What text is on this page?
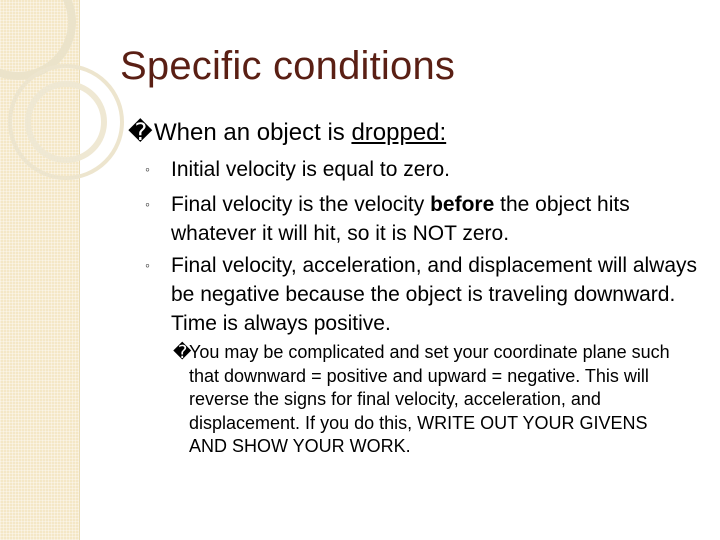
Specific conditions
�When an object is dropped:
◦ Initial velocity is equal to zero.
◦ Final velocity is the velocity before the object hits whatever it will hit, so it is NOT zero.
◦ Final velocity, acceleration, and displacement will always be negative because the object is traveling downward. Time is always positive.
�
You may be complicated and set your coordinate plane such that downward = positive and upward = negative. This will reverse the signs for final velocity, acceleration, and displacement. If you do this, WRITE OUT YOUR GIVENS AND SHOW YOUR WORK.
